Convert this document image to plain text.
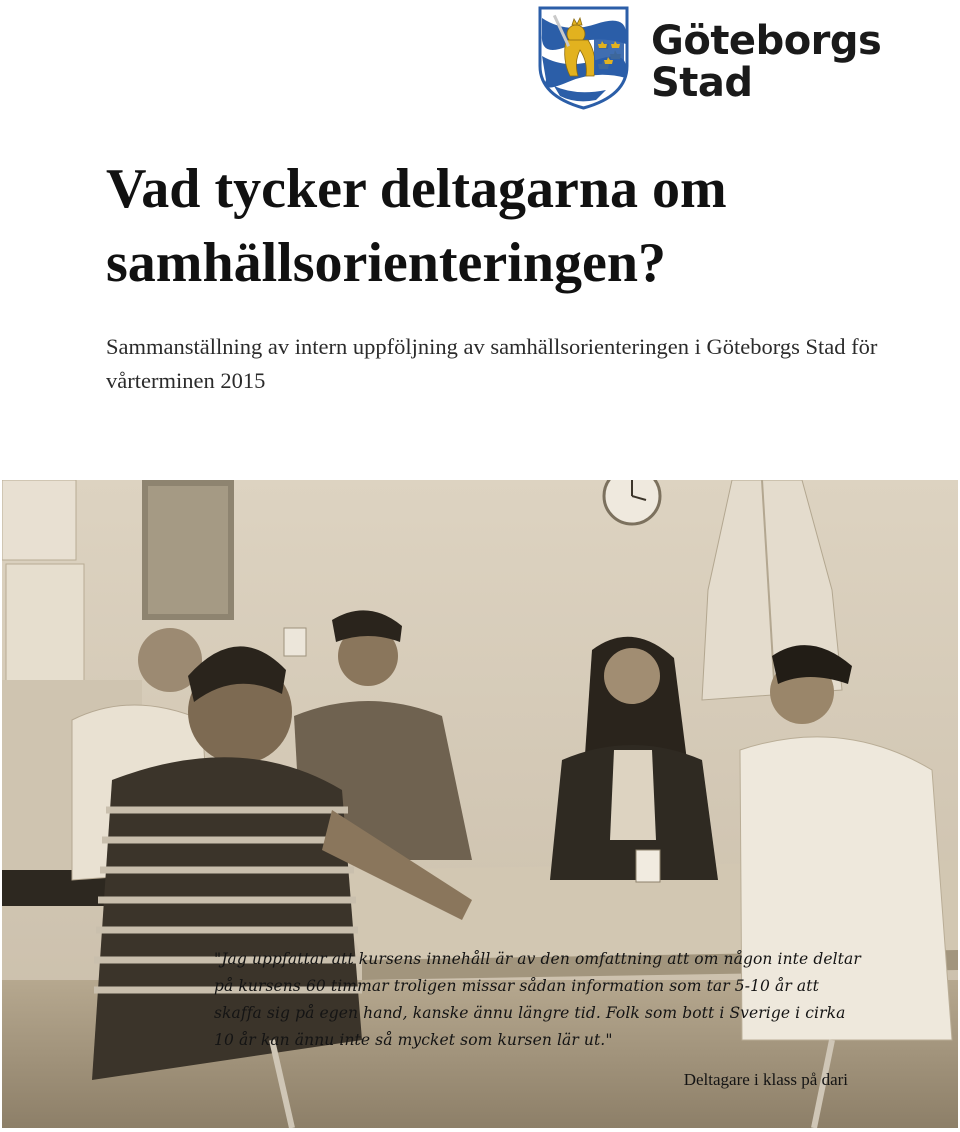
Göteborgs
Stad
Vad tycker deltagarna om samhällsorienteringen?

Sammanställning av intern uppföljning av samhällsorienteringen i Göteborgs Stad för vårterminen 2015

"Jag uppfattar att kursens innehåll är av den omfattning att om någon inte deltar på kursens 60 timmar troligen missar sådan information som tar 5-10 år att skaffa sig på egen hand, kanske ännu längre tid. Folk som bott i Sverige i cirka 10 år kan ännu inte så mycket som kursen lär ut."
Deltagare i klass på dari
